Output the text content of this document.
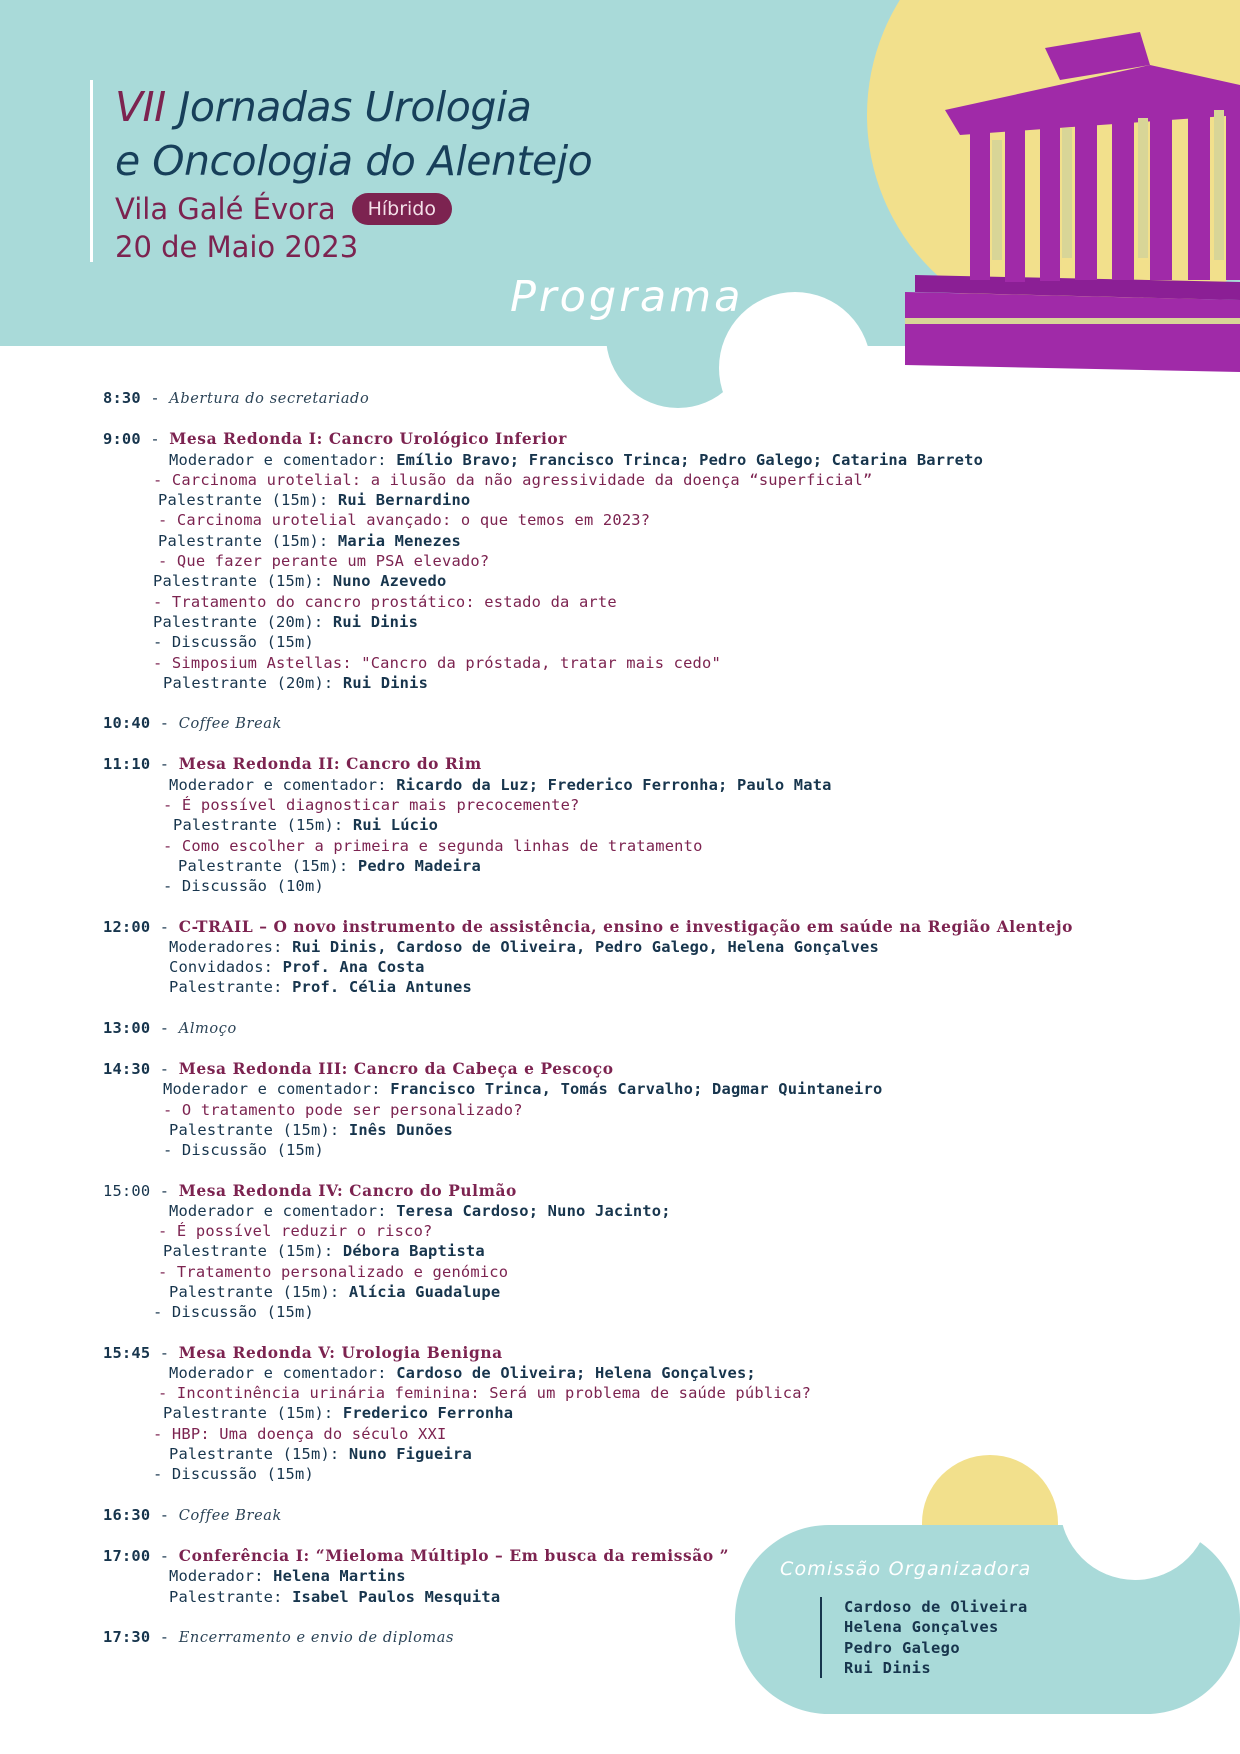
VII Jornadas Urologia
e Oncologia do Alentejo
Vila Galé Évora	Híbrido
20 de Maio 2023
Programa
8:30 - Abertura do secretariado
9:00 - Mesa Redonda I: Cancro Urológico Inferior
Moderador e comentador: Emílio Bravo; Francisco Trinca; Pedro Galego; Catarina Barreto
- Carcinoma urotelial: a ilusão da não agressividade da doença “superficial”
Palestrante (15m): Rui Bernardino
- Carcinoma urotelial avançado: o que temos em 2023?
Palestrante (15m): Maria Menezes
- Que fazer perante um PSA elevado?
Palestrante (15m): Nuno Azevedo
- Tratamento do cancro prostático: estado da arte
Palestrante (20m): Rui Dinis
- Discussão (15m)
- Simposium Astellas: "Cancro da próstada, tratar mais cedo"
Palestrante (20m): Rui Dinis
10:40 - Coffee Break
11:10 - Mesa Redonda II: Cancro do Rim
Moderador e comentador: Ricardo da Luz; Frederico Ferronha; Paulo Mata
- É possível diagnosticar mais precocemente?
Palestrante (15m): Rui Lúcio
- Como escolher a primeira e segunda linhas de tratamento
Palestrante (15m): Pedro Madeira
- Discussão (10m)
12:00 - C-TRAIL – O novo instrumento de assistência, ensino e investigação em saúde na Região Alentejo
Moderadores: Rui Dinis, Cardoso de Oliveira, Pedro Galego, Helena Gonçalves
Convidados: Prof. Ana Costa
Palestrante: Prof. Célia Antunes
13:00 - Almoço
14:30 - Mesa Redonda III: Cancro da Cabeça e Pescoço
Moderador e comentador: Francisco Trinca, Tomás Carvalho; Dagmar Quintaneiro
- O tratamento pode ser personalizado?
Palestrante (15m): Inês Dunões
- Discussão (15m)
15:00 - Mesa Redonda IV: Cancro do Pulmão
Moderador e comentador: Teresa Cardoso; Nuno Jacinto;
- É possível reduzir o risco?
Palestrante (15m): Débora Baptista
- Tratamento personalizado e genómico
Palestrante (15m): Alícia Guadalupe
- Discussão (15m)
15:45 - Mesa Redonda V: Urologia Benigna
Moderador e comentador: Cardoso de Oliveira; Helena Gonçalves;
- Incontinência urinária feminina: Será um problema de saúde pública?
Palestrante (15m): Frederico Ferronha
- HBP: Uma doença do século XXI
Palestrante (15m): Nuno Figueira
- Discussão (15m)
16:30 - Coffee Break
17:00 - Conferência I: “Mieloma Múltiplo – Em busca da remissão ”
Moderador: Helena Martins
Palestrante: Isabel Paulos Mesquita
17:30 - Encerramento e envio de diplomas
Comissão Organizadora
Cardoso de Oliveira
Helena Gonçalves
Pedro Galego
Rui Dinis
